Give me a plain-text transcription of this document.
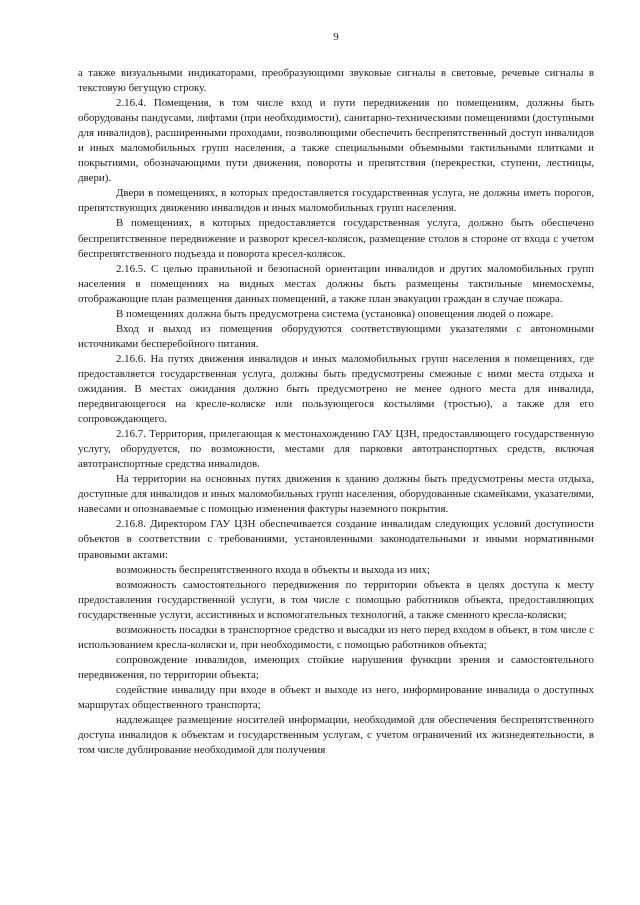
9

а также визуальными индикаторами, преобразующими звуковые сигналы в световые, речевые сигналы в текстовую бегущую строку.

2.16.4. Помещения, в том числе вход и пути передвижения по помещениям, должны быть оборудованы пандусами, лифтами (при необходимости), санитарно-техническими помещениями (доступными для инвалидов), расширенными проходами, позволяющими обеспечить беспрепятственный доступ инвалидов и иных маломобильных групп населения, а также специальными объемными тактильными плитками и покрытиями, обозначающими пути движения, повороты и препятствия (перекрестки, ступени, лестницы, двери).

Двери в помещениях, в которых предоставляется государственная услуга, не должны иметь порогов, препятствующих движению инвалидов и иных маломобильных групп населения.

В помещениях, в которых предоставляется государственная услуга, должно быть обеспечено беспрепятственное передвижение и разворот кресел-колясок, размещение столов в стороне от входа с учетом беспрепятственного подъезда и поворота кресел-колясок.

2.16.5. С целью правильной и безопасной ориентации инвалидов и других маломобильных групп населения в помещениях на видных местах должны быть размещены тактильные мнемосхемы, отображающие план размещения данных помещений, а также план эвакуации граждан в случае пожара.

В помещениях должна быть предусмотрена система (установка) оповещения людей о пожаре.

Вход и выход из помещения оборудуются соответствующими указателями с автономными источниками бесперебойного питания.

2.16.6. На путях движения инвалидов и иных маломобильных групп населения в помещениях, где предоставляется государственная услуга, должны быть предусмотрены смежные с ними места отдыха и ожидания. В местах ожидания должно быть предусмотрено не менее одного места для инвалида, передвигающегося на кресле-коляске или пользующегося костылями (тростью), а также для его сопровождающего.

2.16.7. Территория, прилегающая к местонахождению ГАУ ЦЗН, предоставляющего государственную услугу, оборудуется, по возможности, местами для парковки автотранспортных средств, включая автотранспортные средства инвалидов.

На территории на основных путях движения к зданию должны быть предусмотрены места отдыха, доступные для инвалидов и иных маломобильных групп населения, оборудованные скамейками, указателями, навесами и опознаваемые с помощью изменения фактуры наземного покрытия.

2.16.8. Директором ГАУ ЦЗН обеспечивается создание инвалидам следующих условий доступности объектов в соответствии с требованиями, установленными законодательными и иными нормативными правовыми актами:

возможность беспрепятственного входа в объекты и выхода из них;

возможность самостоятельного передвижения по территории объекта в целях доступа к месту предоставления государственной услуги, в том числе с помощью работников объекта, предоставляющих государственные услуги, ассистивных и вспомогательных технологий, а также сменного кресла-коляски;

возможность посадки в транспортное средство и высадки из него перед входом в объект, в том числе с использованием кресла-коляски и, при необходимости, с помощью работников объекта;

сопровождение инвалидов, имеющих стойкие нарушения функции зрения и самостоятельного передвижения, по территории объекта;

содействие инвалиду при входе в объект и выходе из него, информирование инвалида о доступных маршрутах общественного транспорта;

надлежащее размещение носителей информации, необходимой для обеспечения беспрепятственного доступа инвалидов к объектам и государственным услугам, с учетом ограничений их жизнедеятельности, в том числе дублирование необходимой для получения
